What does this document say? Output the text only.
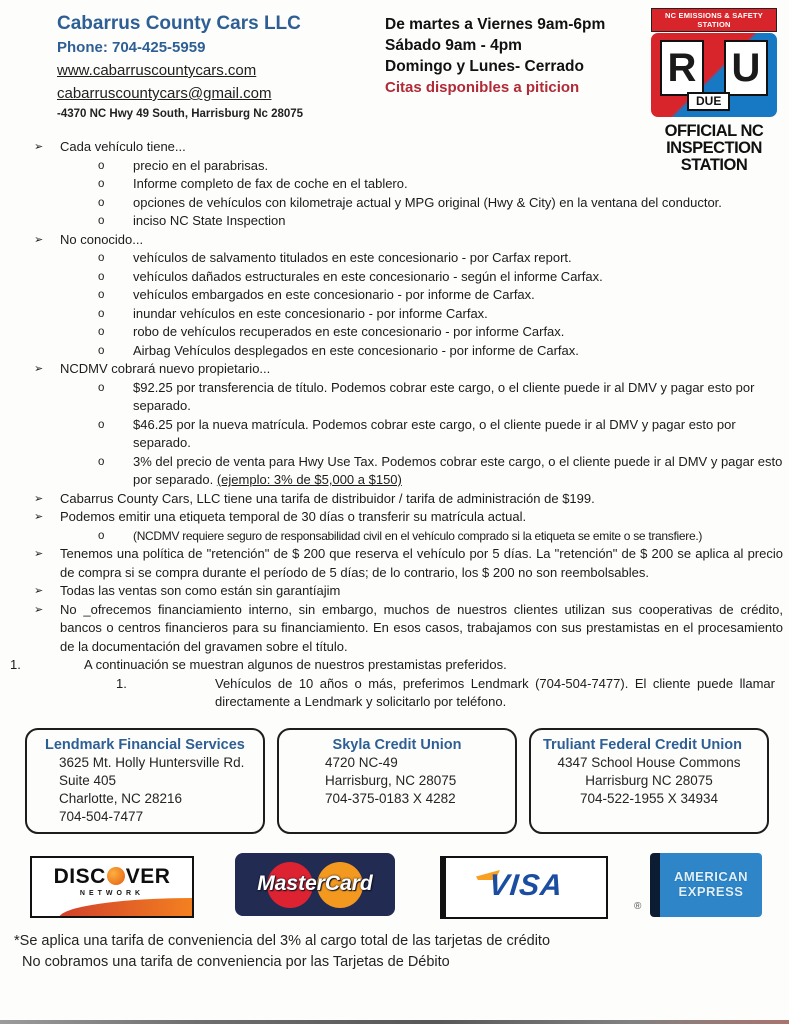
Cabarrus County Cars LLC
Phone: 704-425-5959
www.cabarruscountycars.com
cabarruscountycars@gmail.com
-4370 NC Hwy 49 South, Harrisburg Nc 28075
De martes a Viernes 9am-6pm
Sábado 9am - 4pm
Domingo y Lunes- Cerrado
Citas disponibles a piticion
NC EMISSIONS & SAFETY STATION
R U
DUE
OFFICIAL NC
INSPECTION
STATION
➢	Cada vehículo tiene...
o	precio en el parabrisas.
o	Informe completo de fax de coche en el tablero.
o	opciones de vehículos con kilometraje actual y MPG original (Hwy & City) en la ventana del conductor.
o	inciso NC State Inspection
➢	No conocido...
o	vehículos de salvamento titulados en este concesionario - por Carfax report.
o	vehículos dañados estructurales en este concesionario - según el informe Carfax.
o	vehículos embargados en este concesionario - por informe de Carfax.
o	inundar vehículos en este concesionario - por informe Carfax.
o	robo de vehículos recuperados en este concesionario - por informe Carfax.
o	Airbag Vehículos desplegados en este concesionario - por informe de Carfax.
➢	NCDMV cobrará nuevo propietario...
o	$92.25 por transferencia de título. Podemos cobrar este cargo, o el cliente puede ir al DMV y pagar esto por separado.
o	$46.25 por la nueva matrícula. Podemos cobrar este cargo, o el cliente puede ir al DMV y pagar esto por separado.
o	3% del precio de venta para Hwy Use Tax. Podemos cobrar este cargo, o el cliente puede ir al DMV y pagar esto por separado. (ejemplo: 3% de $5,000 a $150)
➢	Cabarrus County Cars, LLC tiene una tarifa de distribuidor / tarifa de administración de $199.
➢	Podemos emitir una etiqueta temporal de 30 días o transferir su matrícula actual.
o	(NCDMV requiere seguro de responsabilidad civil en el vehículo comprado si la etiqueta se emite o se transfiere.)
➢	Tenemos una política de "retención" de $ 200 que reserva el vehículo por 5 días. La "retención" de $ 200 se aplica al precio de compra si se compra durante el período de 5 días; de lo contrario, los $ 200 no son reembolsables.
➢	Todas las ventas son como están sin garantíajim
➢	No _ofrecemos financiamiento interno, sin embargo, muchos de nuestros clientes utilizan sus cooperativas de crédito, bancos o centros financieros para su financiamiento. En esos casos, trabajamos con sus prestamistas en el procesamiento de la documentación del gravamen sobre el título.
1.	A continuación se muestran algunos de nuestros prestamistas preferidos.
1.	Vehículos de 10 años o más, preferimos Lendmark (704-504-7477). El cliente puede llamar directamente a Lendmark y solicitarlo por teléfono.
Lendmark Financial Services
3625 Mt. Holly Huntersville Rd.
Suite 405
Charlotte, NC 28216
704-504-7477
Skyla Credit Union
4720 NC-49
Harrisburg, NC 28075
704-375-0183 X 4282
Truliant Federal Credit Union
4347 School House Commons
Harrisburg NC 28075
704-522-1955 X 34934
DISC VER
NETWORK	MasterCard	VISA
®
AMERICAN
EXPRESS
*Se aplica una tarifa de conveniencia del 3% al cargo total de las tarjetas de crédito
No cobramos una tarifa de conveniencia por las Tarjetas de Débito
